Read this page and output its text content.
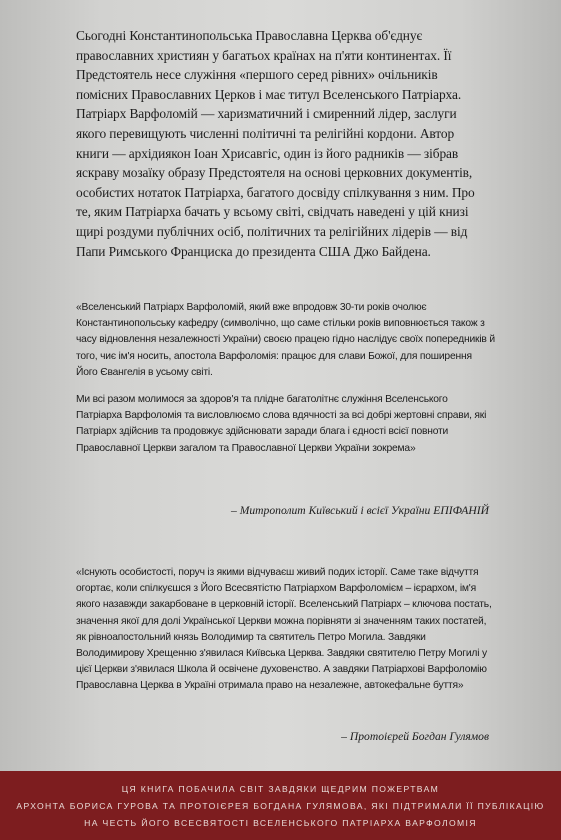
Сьогодні Константинопольська Православна Церква об'єднує православних християн у багатьох країнах на п'яти континентах. Її Предстоятель несе служіння «першого серед рівних» очільників помісних Православних Церков і має титул Вселенського Патріарха. Патріарх Варфоломій — харизматичний і смиренний лідер, заслуги якого перевищують численні політичні та релігійні кордони. Автор книги — архідиякон Іоан Хрисавгіс, один із його радників — зібрав яскраву мозаїку образу Предстоятеля на основі церковних документів, особистих нотаток Патріарха, багатого досвіду спілкування з ним. Про те, яким Патріарха бачать у всьому світі, свідчать наведені у цій книзі щирі роздуми публічних осіб, політичних та релігійних лідерів — від Папи Римського Франциска до президента США Джо Байдена.

«Вселенський Патріарх Варфоломій, який вже впродовж 30-ти років очолює Константинопольську кафедру (символічно, що саме стільки років виповнюється також з часу відновлення незалежності України) своєю працею гідно наслідує своїх попередників й того, чиє ім'я носить, апостола Варфоломія: працює для слави Божої, для поширення Його Євангелія в усьому світі.

Ми всі разом молимося за здоров'я та плідне багатолітнє служіння Вселенського Патріарха Варфоломія та висловлюємо слова вдячності за всі добрі жертовні справи, які Патріарх здійснив та продовжує здійснювати заради блага і єдності всієї повноти Православної Церкви загалом та Православної Церкви України зокрема»

– Митрополит Київський і всієї України ЕПІФАНІЙ

«Існують особистості, поруч із якими відчуваєш живий подих історії. Саме таке відчуття огортає, коли спілкуєшся з Його Всесвятістю Патріархом Варфоломієм – ієрархом, ім'я якого назавжди закарбоване в церковній історії. Вселенський Патріарх – ключова постать, значення якої для долі Української Церкви можна порівняти зі значенням таких постатей, як рівноапостольний князь Володимир та святитель Петро Могила. Завдяки Володимирову Хрещенню з'явилася Київська Церква. Завдяки святителю Петру Могилі у цієї Церкви з'явилася Школа й освічене духовенство. А завдяки Патріархові Варфоломію Православна Церква в Україні отримала право на незалежне, автокефальне буття»

– Протоієрей Богдан Гулямов
ЦЯ КНИГА ПОБАЧИЛА СВІТ ЗАВДЯКИ ЩЕДРИМ ПОЖЕРТВАМ
АРХОНТА БОРИСА ГУРОВА ТА ПРОТОІЄРЕЯ БОГДАНА ГУЛЯМОВА, ЯКІ ПІДТРИМАЛИ ЇЇ ПУБЛІКАЦІЮ
НА ЧЕСТЬ ЙОГО ВСЕСВЯТОСТІ ВСЕЛЕНСЬКОГО ПАТРІАРХА ВАРФОЛОМІЯ
